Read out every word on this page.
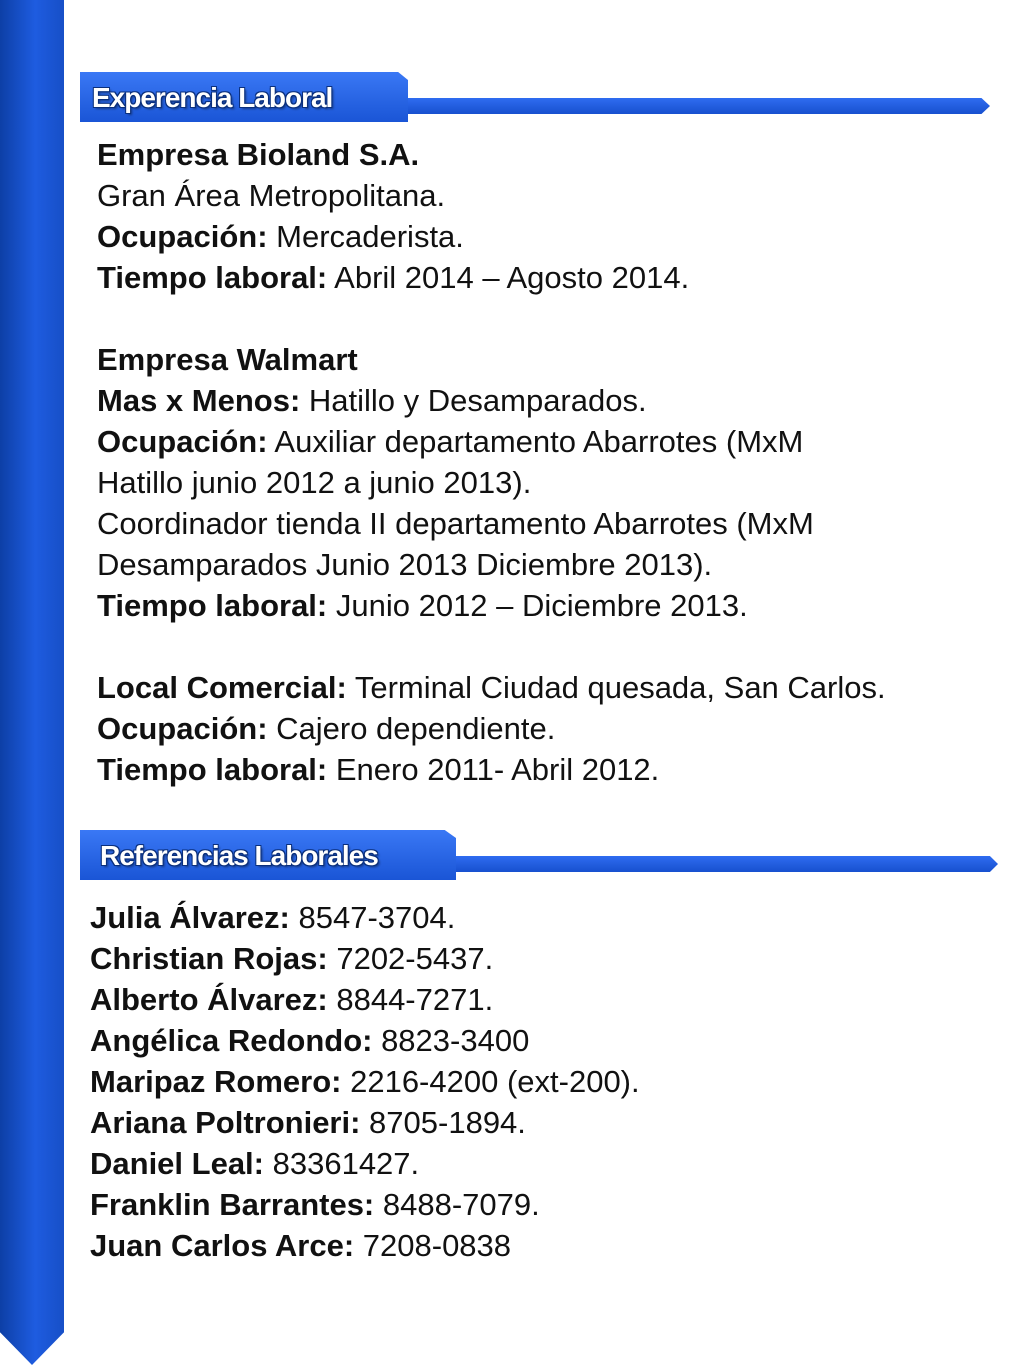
Experencia Laboral
Empresa Bioland S.A.
Gran Área Metropolitana.
Ocupación: Mercaderista.
Tiempo laboral: Abril 2014 – Agosto 2014.
Empresa Walmart
Mas x Menos: Hatillo y Desamparados.
Ocupación: Auxiliar departamento Abarrotes (MxM
Hatillo junio 2012 a junio 2013).
Coordinador tienda II departamento Abarrotes (MxM
Desamparados Junio 2013 Diciembre 2013).
Tiempo laboral: Junio 2012 – Diciembre 2013.
Local Comercial: Terminal Ciudad quesada, San Carlos.
Ocupación: Cajero dependiente.
Tiempo laboral: Enero 2011- Abril 2012.
Referencias Laborales
Julia Álvarez: 8547-3704.
Christian Rojas: 7202-5437.
Alberto Álvarez: 8844-7271.
Angélica Redondo: 8823-3400
Maripaz Romero: 2216-4200 (ext-200).
Ariana Poltronieri: 8705-1894.
Daniel Leal: 83361427.
Franklin Barrantes: 8488-7079.
Juan Carlos Arce: 7208-0838
